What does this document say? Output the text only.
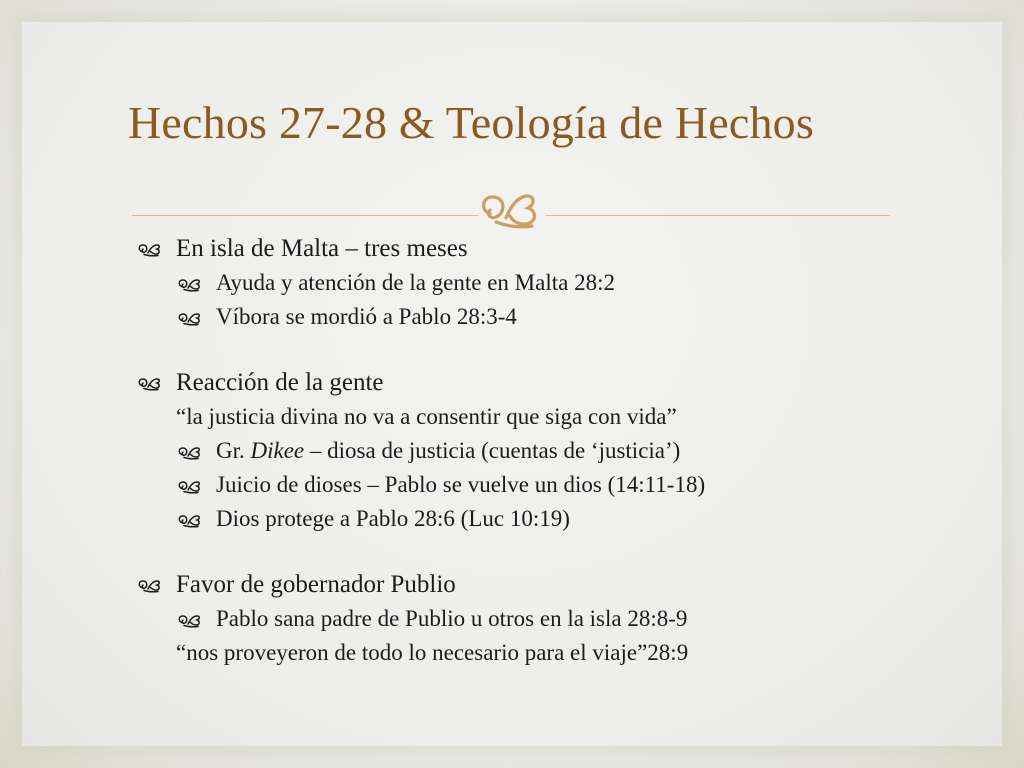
Hechos 27-28 & Teología de Hechos
En isla de Malta – tres meses
Ayuda y atención de la gente en Malta 28:2
Víbora se mordió a Pablo 28:3-4
Reacción de la gente
“la justicia divina no va a consentir que siga con vida”
Gr. Dikee – diosa de justicia (cuentas de ‘justicia’)
Juicio de dioses – Pablo se vuelve un dios (14:11-18)
Dios protege a Pablo 28:6 (Luc 10:19)
Favor de gobernador Publio
Pablo sana padre de Publio u otros en la isla 28:8-9
“nos proveyeron de todo lo necesario para el viaje”28:9
